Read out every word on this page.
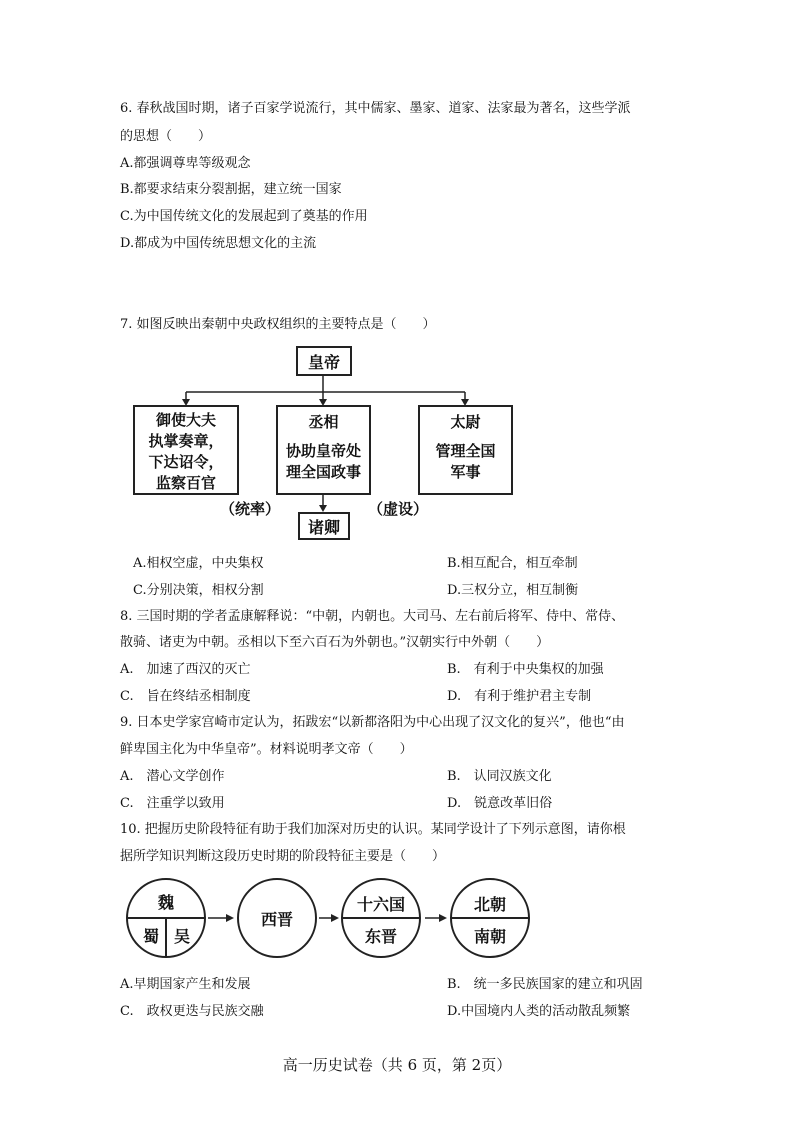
6. 春秋战国时期，诸子百家学说流行，其中儒家、墨家、道家、法家最为著名，这些学派
的思想（　　）
A.都强调尊卑等级观念
B.都要求结束分裂割据，建立统一国家
C.为中国传统文化的发展起到了奠基的作用
D.都成为中国传统思想文化的主流
7. 如图反映出秦朝中央政权组织的主要特点是（　　）
皇帝
御使大夫
执掌奏章，
下达诏令，
监察百官
丞相
协助皇帝处
理全国政事
太尉
管理全国
军事
（统率）	（虚设）
诸卿
A.相权空虚，中央集权	B.相互配合，相互牵制
C.分别决策，相权分割	D.三权分立，相互制衡
8. 三国时期的学者孟康解释说：“中朝，内朝也。大司马、左右前后将军、侍中、常侍、
散骑、诸吏为中朝。丞相以下至六百石为外朝也。”汉朝实行中外朝（　　）
A.　加速了西汉的灭亡	B.　有利于中央集权的加强
C.　旨在终结丞相制度	D.　有利于维护君主专制
9. 日本史学家宫崎市定认为，拓跋宏“以新都洛阳为中心出现了汉文化的复兴”，他也“由
鲜卑国主化为中华皇帝”。材料说明孝文帝（　　）
A.　潜心文学创作	B.　认同汉族文化
C.　注重学以致用	D.　锐意改革旧俗
10. 把握历史阶段特征有助于我们加深对历史的认识。某同学设计了下列示意图，请你根
据所学知识判断这段历史时期的阶段特征主要是（　　）
魏
蜀 吴
西晋
十六国
东晋
北朝
南朝
A.早期国家产生和发展	B.　统一多民族国家的建立和巩固
C.　政权更迭与民族交融	D.中国境内人类的活动散乱频繁
高一历史试卷（共 6 页，第 2页）
